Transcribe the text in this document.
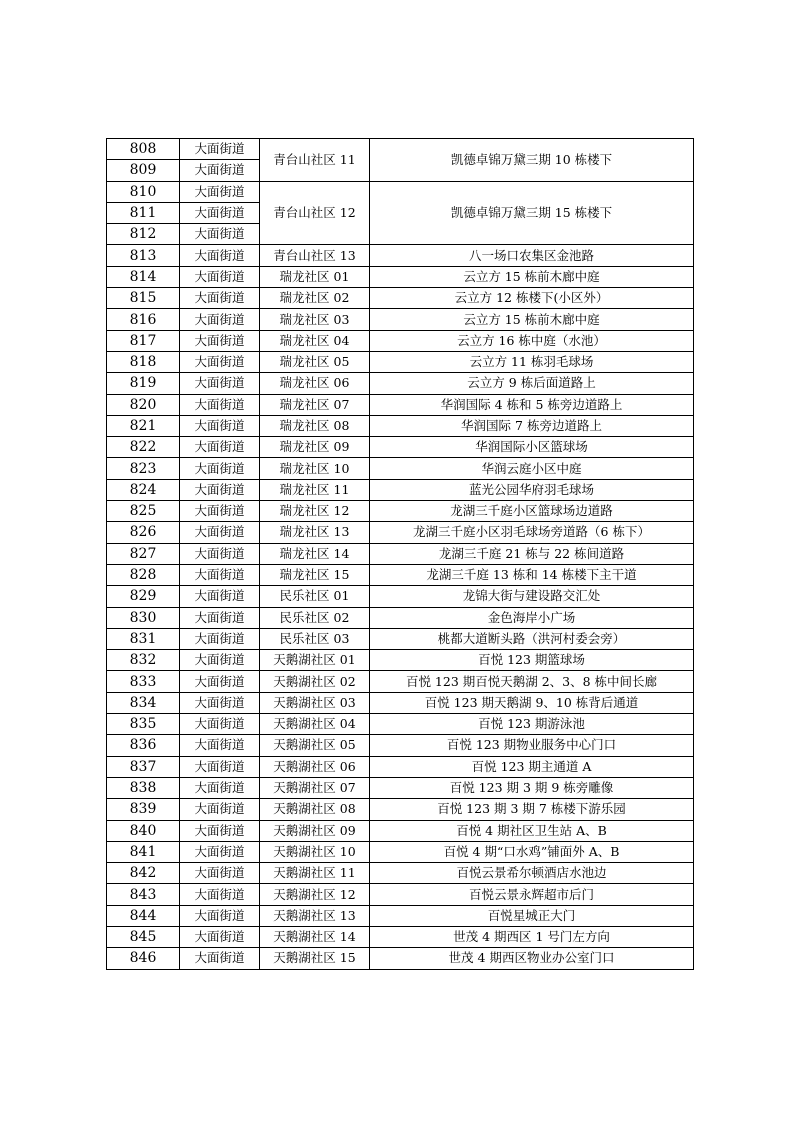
808	大面街道	青台山社区 11	凯德卓锦万黛三期 10 栋楼下
809	大面街道		
810	大面街道	青台山社区 12	凯德卓锦万黛三期 15 栋楼下
811	大面街道		
812	大面街道		
813	大面街道	青台山社区 13	八一场口农集区金池路
814	大面街道	瑞龙社区 01	云立方 15 栋前木廊中庭
815	大面街道	瑞龙社区 02	云立方 12 栋楼下(小区外）
816	大面街道	瑞龙社区 03	云立方 15 栋前木廊中庭
817	大面街道	瑞龙社区 04	云立方 16 栋中庭（水池）
818	大面街道	瑞龙社区 05	云立方 11 栋羽毛球场
819	大面街道	瑞龙社区 06	云立方 9 栋后面道路上
820	大面街道	瑞龙社区 07	华润国际 4 栋和 5 栋旁边道路上
821	大面街道	瑞龙社区 08	华润国际 7 栋旁边道路上
822	大面街道	瑞龙社区 09	华润国际小区篮球场
823	大面街道	瑞龙社区 10	华润云庭小区中庭
824	大面街道	瑞龙社区 11	蓝光公园华府羽毛球场
825	大面街道	瑞龙社区 12	龙湖三千庭小区篮球场边道路
826	大面街道	瑞龙社区 13	龙湖三千庭小区羽毛球场旁道路（6 栋下）
827	大面街道	瑞龙社区 14	龙湖三千庭 21 栋与 22 栋间道路
828	大面街道	瑞龙社区 15	龙湖三千庭 13 栋和 14 栋楼下主干道
829	大面街道	民乐社区 01	龙锦大街与建设路交汇处
830	大面街道	民乐社区 02	金色海岸小广场
831	大面街道	民乐社区 03	桃都大道断头路（洪河村委会旁）
832	大面街道	天鹅湖社区 01	百悦 123 期篮球场
833	大面街道	天鹅湖社区 02	百悦 123 期百悦天鹅湖 2、3、8 栋中间长廊
834	大面街道	天鹅湖社区 03	百悦 123 期天鹅湖 9、10 栋背后通道
835	大面街道	天鹅湖社区 04	百悦 123 期游泳池
836	大面街道	天鹅湖社区 05	百悦 123 期物业服务中心门口
837	大面街道	天鹅湖社区 06	百悦 123 期主通道 A
838	大面街道	天鹅湖社区 07	百悦 123 期 3 期 9 栋旁雕像
839	大面街道	天鹅湖社区 08	百悦 123 期 3 期 7 栋楼下游乐园
840	大面街道	天鹅湖社区 09	百悦 4 期社区卫生站 A、B
841	大面街道	天鹅湖社区 10	百悦 4 期“口水鸡”铺面外 A、B
842	大面街道	天鹅湖社区 11	百悦云景希尔顿酒店水池边
843	大面街道	天鹅湖社区 12	百悦云景永辉超市后门
844	大面街道	天鹅湖社区 13	百悦星城正大门
845	大面街道	天鹅湖社区 14	世茂 4 期西区 1 号门左方向
846	大面街道	天鹅湖社区 15	世茂 4 期西区物业办公室门口
